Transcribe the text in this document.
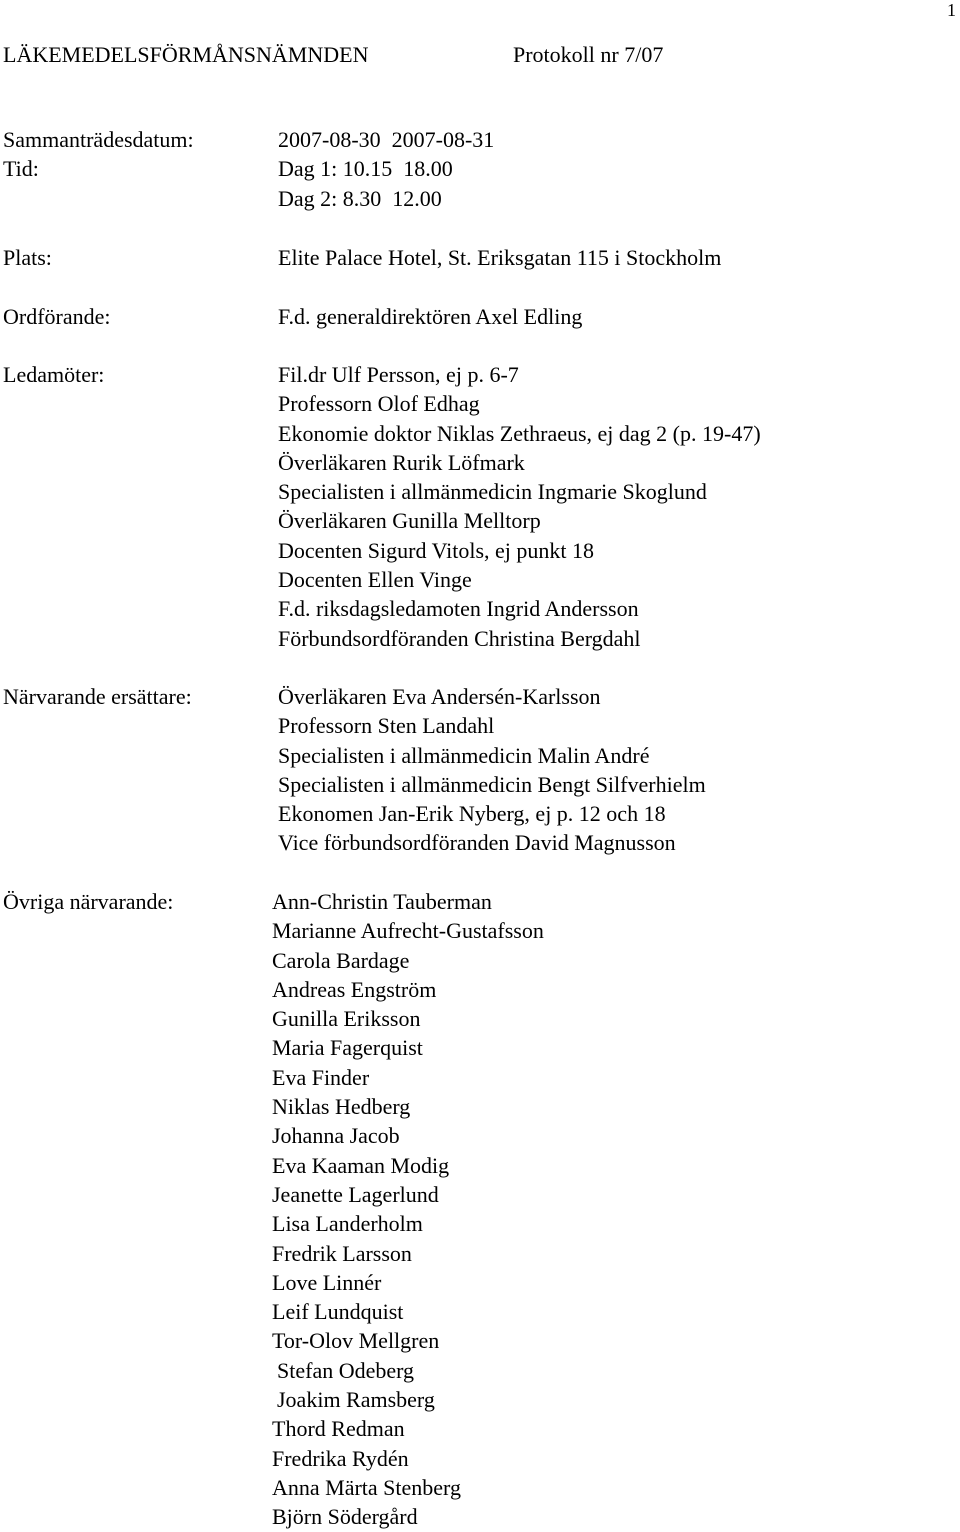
1
LÄKEMEDELSFÖRMÅNSNÄMNDEN	Protokoll nr 7/07
Sammanträdesdatum:	2007-08-30  2007-08-31
Tid:	Dag 1: 10.15  18.00
Dag 2: 8.30  12.00
Plats:	Elite Palace Hotel, St. Eriksgatan 115 i Stockholm
Ordförande:	F.d. generaldirektören Axel Edling
Ledamöter:	Fil.dr Ulf Persson, ej p. 6-7
Professorn Olof Edhag
Ekonomie doktor Niklas Zethraeus, ej dag 2 (p. 19-47)
Överläkaren Rurik Löfmark
Specialisten i allmänmedicin Ingmarie Skoglund
Överläkaren Gunilla Melltorp
Docenten Sigurd Vitols, ej punkt 18
Docenten Ellen Vinge
F.d. riksdagsledamoten Ingrid Andersson
Förbundsordföranden Christina Bergdahl
Närvarande ersättare:	Överläkaren Eva Andersén-Karlsson
Professorn Sten Landahl
Specialisten i allmänmedicin Malin André
Specialisten i allmänmedicin Bengt Silfverhielm
Ekonomen Jan-Erik Nyberg, ej p. 12 och 18
Vice förbundsordföranden David Magnusson
Övriga närvarande:	Ann-Christin Tauberman
Marianne Aufrecht-Gustafsson
Carola Bardage
Andreas Engström
Gunilla Eriksson
Maria Fagerquist
Eva Finder
Niklas Hedberg
Johanna Jacob
Eva Kaaman Modig
Jeanette Lagerlund
Lisa Landerholm
Fredrik Larsson
Love Linnér
Leif Lundquist
Tor-Olov Mellgren
Stefan Odeberg
Joakim Ramsberg
Thord Redman
Fredrika Rydén
Anna Märta Stenberg
Björn Södergård
